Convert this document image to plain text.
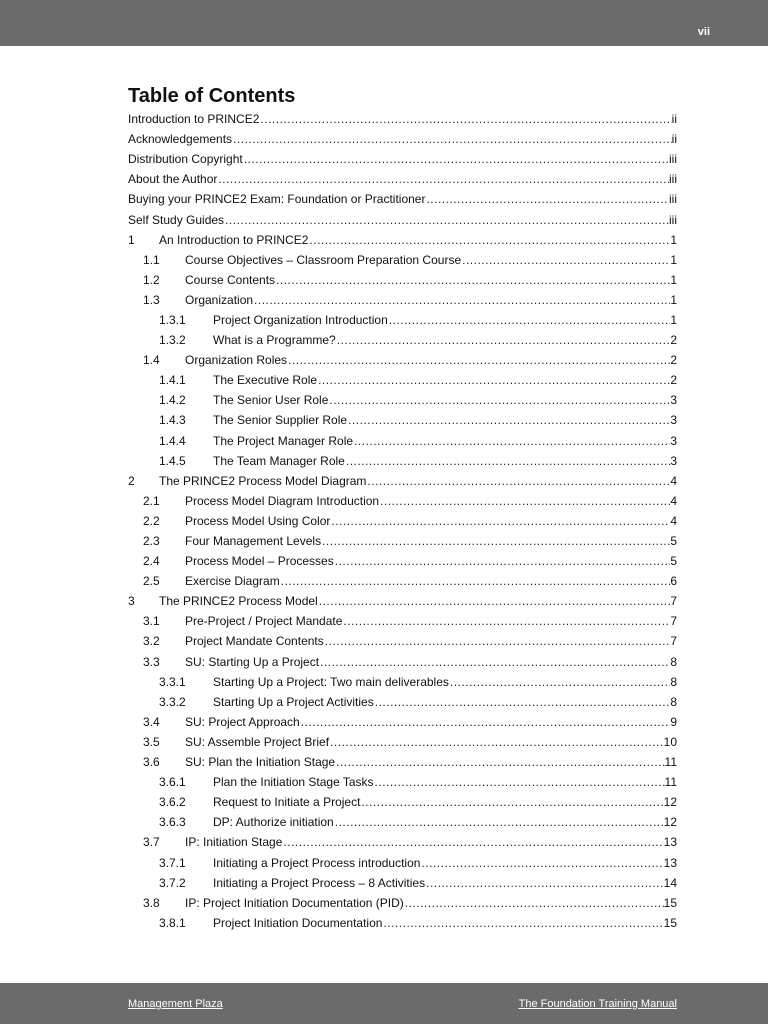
vii
Table of Contents
Introduction to PRINCE2 .....	ii
Acknowledgements .....	ii
Distribution Copyright .....	iii
About the Author .....	iii
Buying your PRINCE2 Exam: Foundation or Practitioner .....	iii
Self Study Guides .....	iii
1	An Introduction to PRINCE2 .....	1
1.1	Course Objectives – Classroom Preparation Course .....	1
1.2	Course Contents .....	1
1.3	Organization .....	1
1.3.1	Project Organization Introduction .....	1
1.3.2	What is a Programme? .....	2
1.4	Organization Roles .....	2
1.4.1	The Executive Role .....	2
1.4.2	The Senior User Role .....	3
1.4.3	The Senior Supplier Role .....	3
1.4.4	The Project Manager Role .....	3
1.4.5	The Team Manager Role .....	3
2	The PRINCE2 Process Model Diagram .....	4
2.1	Process Model Diagram Introduction .....	4
2.2	Process Model Using Color .....	4
2.3	Four Management Levels .....	5
2.4	Process Model – Processes .....	5
2.5	Exercise Diagram .....	6
3	The PRINCE2 Process Model .....	7
3.1	Pre-Project / Project Mandate .....	7
3.2	Project Mandate Contents .....	7
3.3	SU: Starting Up a Project .....	8
3.3.1	Starting Up a Project: Two main deliverables .....	8
3.3.2	Starting Up a Project Activities .....	8
3.4	SU: Project Approach .....	9
3.5	SU: Assemble Project Brief .....	10
3.6	SU: Plan the Initiation Stage .....	11
3.6.1	Plan the Initiation Stage Tasks .....	11
3.6.2	Request to Initiate a Project .....	12
3.6.3	DP: Authorize initiation .....	12
3.7	IP: Initiation Stage .....	13
3.7.1	Initiating a Project Process introduction .....	13
3.7.2	Initiating a Project Process – 8 Activities .....	14
3.8	IP: Project Initiation Documentation (PID) .....	15
3.8.1	Project Initiation Documentation .....	15
Management Plaza	The Foundation Training Manual
